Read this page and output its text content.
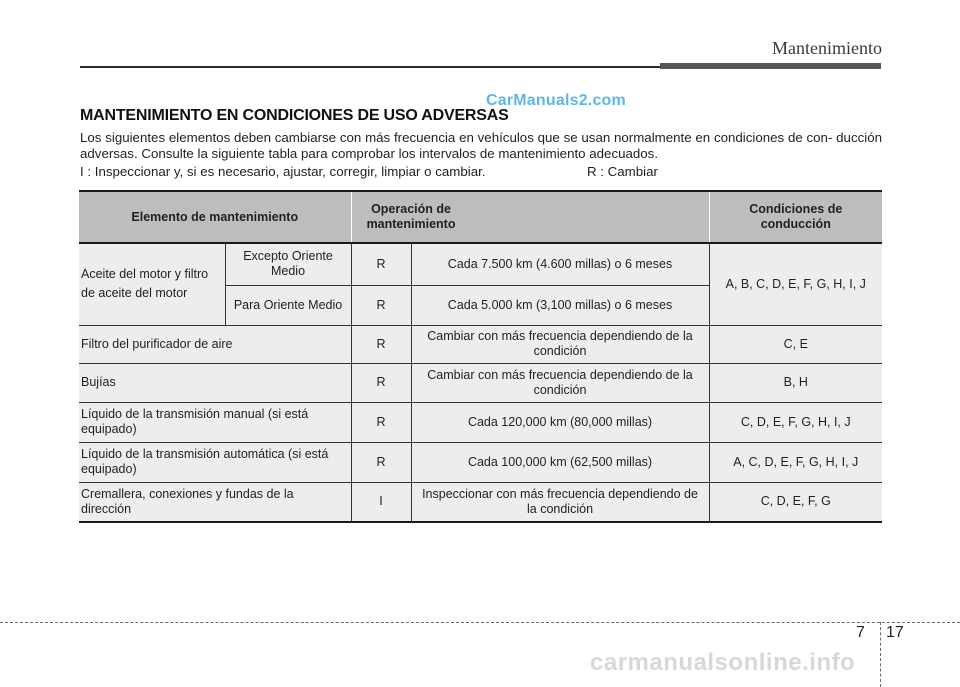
Mantenimiento
MANTENIMIENTO EN CONDICIONES DE USO ADVERSAS
CarManuals2.com

Los siguientes elementos deben cambiarse con más frecuencia en vehículos que se usan normalmente en condiciones de con- ducción adversas. Consulte la siguiente tabla para comprobar los intervalos de mantenimiento adecuados.

I : Inspeccionar y, si es necesario, ajustar, corregir, limpiar o cambiar.	R : Cambiar
Elemento de mantenimiento		Operación de mantenimiento		Condiciones de conducción
Aceite del motor y filtro de aceite del motor	Excepto Oriente Medio	R	Cada 7.500 km (4.600 millas) o 6 meses	A, B, C, D, E, F, G, H, I, J
	Para Oriente Medio	R	Cada 5.000 km (3,100 millas) o 6 meses	
Filtro del purificador de aire		R	Cambiar con más frecuencia dependiendo de la condición	C, E
Bujías		R	Cambiar con más frecuencia dependiendo de la condición	B, H
Líquido de la transmisión manual (si está equipado)		R	Cada 120,000 km (80,000 millas)	C, D, E, F, G, H, I, J
Líquido de la transmisión automática (si está equipado)		R	Cada 100,000 km (62,500 millas)	A, C, D, E, F, G, H, I, J
Cremallera, conexiones y fundas de la dirección		I	Inspeccionar con más frecuencia dependiendo de la condición	C, D, E, F, G
7 17
carmanualsonline.info
